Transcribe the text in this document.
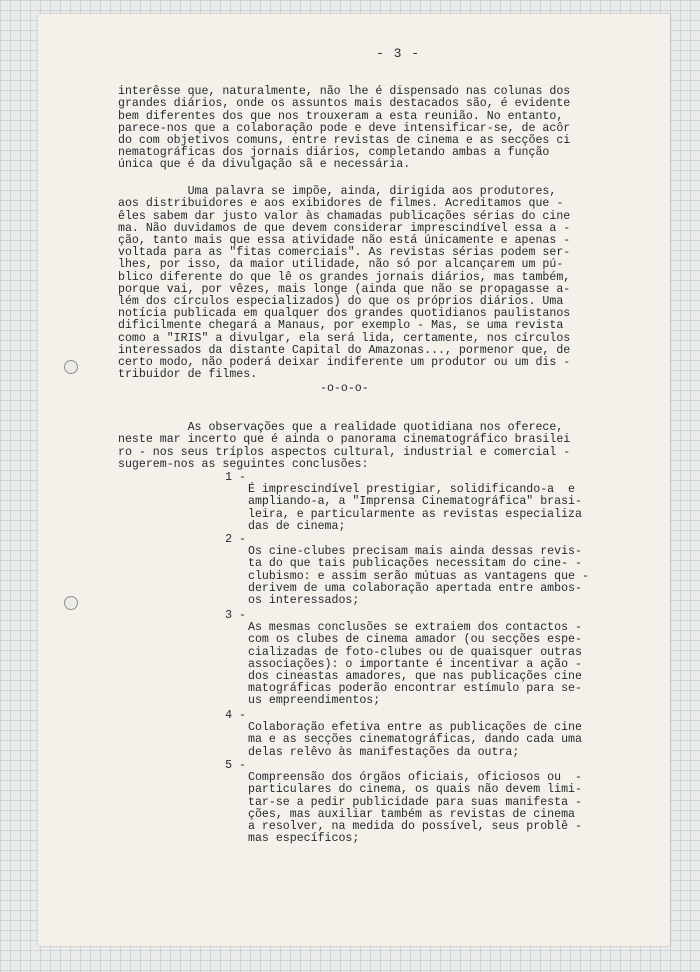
- 3 -

interêsse que, naturalmente, não lhe é dispensado nas colunas dos
grandes diários, onde os assuntos mais destacados são, é evidente
bem diferentes dos que nos trouxeram a esta reunião. No entanto,
parece-nos que a colaboração pode e deve intensificar-se, de acôr
do com objetivos comuns, entre revistas de cinema e as secções ci
nematográficas dos jornais diários, completando ambas a função
única que é da divulgação sã e necessária.

Uma palavra se impõe, ainda, dirigida aos produtores,
aos distribuidores e aos exibidores de filmes. Acreditamos que -
êles sabem dar justo valor às chamadas publicações sérias do cine
ma. Não duvidamos de que devem considerar imprescindível essa a -
ção, tanto mais que essa atividade não está únicamente e apenas -
voltada para as "fitas comerciais". As revistas sérias podem ser-
lhes, por isso, da maior utilidade, não só por alcançarem um pú-
blico diferente do que lê os grandes jornais diários, mas também,
porque vai, por vêzes, mais longe (ainda que não se propagasse a-
lém dos círculos especializados) do que os próprios diários. Uma
notícia publicada em qualquer dos grandes quotidianos paulistanos
difìcilmente chegará a Manaus, por exemplo - Mas, se uma revista
como a "IRIS" a divulgar, ela será lida, certamente, nos círculos
interessados da distante Capital do Amazonas..., pormenor que, de
certo modo, não poderá deixar indiferente um produtor ou um dis -
tribuidor de filmes.

-o-o-o-

As observações que a realidade quotidiana nos oferece,
neste mar incerto que é ainda o panorama cinematográfico brasilei
ro - nos seus tríplos aspectos cultural, industrial e comercial -
sugerem-nos as seguintes conclusões:

1 -

É imprescindível prestigiar, solidificando-a  e
ampliando-a, a "Imprensa Cinematográfica" brasi-
leira, e particularmente as revistas especializa
das de cinema;

2 -

Os cine-clubes precisam mais ainda dessas revis-
ta do que tais publicações necessitam do cine- -
clubismo: e assim serão mútuas as vantagens que -
derivem de uma colaboração apertada entre ambos-
os interessados;

3 -

As mesmas conclusões se extraiem dos contactos -
com os clubes de cinema amador (ou secções espe-
cializadas de foto-clubes ou de quaisquer outras
associações): o importante é incentivar a ação -
dos cineastas amadores, que nas publicações cine
matográficas poderão encontrar estímulo para se-
us empreendimentos;

4 -

Colaboração efetiva entre as publicações de cine
ma e as secções cinematográficas, dando cada uma
delas relêvo às manifestações da outra;

5 -

Compreensão dos órgãos oficiais, oficiosos ou  -
particulares do cinema, os quais não devem limi-
tar-se a pedir publicidade para suas manifesta -
ções, mas auxiliar também as revistas de cinema
a resolver, na medida do possível, seus problê -
mas específicos;
